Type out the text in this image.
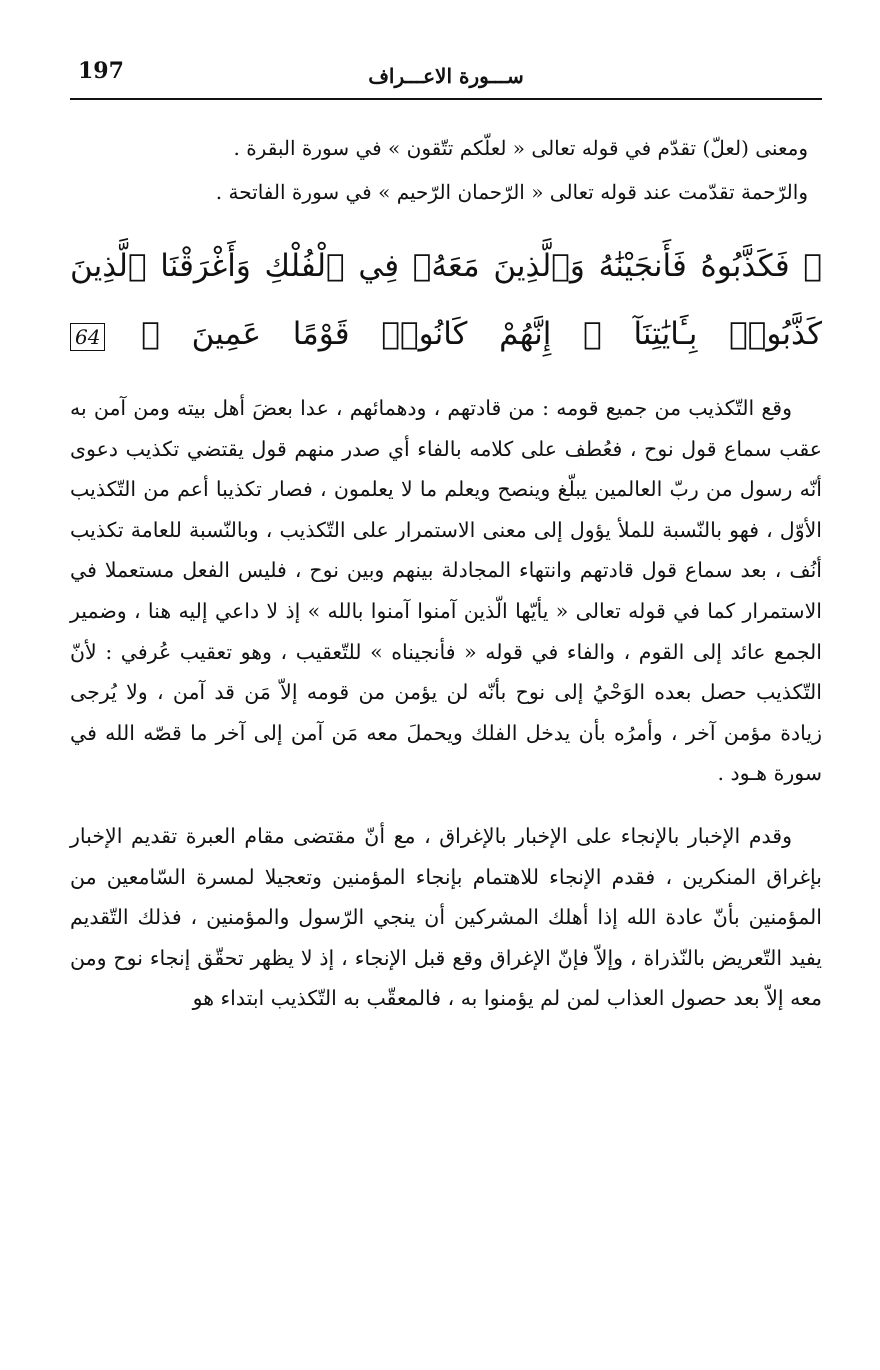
197	ســـورة الاعـــراف

ومعنى (لعلّ) تقدّم في قوله تعالى « لعلّكم تتّقون » في سورة البقرة .

والرّحمة تقدّمت عند قوله تعالى « الرّحمان الرّحيم » في سورة الفاتحة .

﴿ فَكَذَّبُوهُ فَأَنجَيْنَٰهُ وَٱلَّذِينَ مَعَهُۥ فِي ٱلْفُلْكِ وَأَغْرَقْنَا ٱلَّذِينَ كَذَّبُوا۟ بِـَٔايَٰتِنَآ ۚ إِنَّهُمْ كَانُوا۟ قَوْمًا عَمِينَ ﴾ 64

وقع التّكذيب من جميع قومه : من قادتهم ، ودهمائهم ، عدا بعضَ أهل بيته ومن آمن به عقب سماع قول نوح ، فعُطف على كلامه بالفاء أي صدر منهم قول يقتضي تكذيب دعوى أنّه رسول من ربّ العالمين يبلّغ وينصح ويعلم ما لا يعلمون ، فصار تكذيبا أعم من التّكذيب الأوّل ، فهو بالنّسبة للملأ يؤول إلى معنى الاستمرار على التّكذيب ، وبالنّسبة للعامة تكذيب أنُف ، بعد سماع قول قادتهم وانتهاء المجادلة بينهم وبين نوح ، فليس الفعل مستعملا في الاستمرار كما في قوله تعالى « يأيّها الّذين آمنوا آمنوا بالله » إذ لا داعي إليه هنا ، وضمير الجمع عائد إلى القوم ، والفاء في قوله « فأنجيناه » للتّعقيب ، وهو تعقيب عُرفي : لأنّ التّكذيب حصل بعده الوَحْيُ إلى نوح بأنّه لن يؤمن من قومه إلاّ مَن قد آمن ، ولا يُرجى زيادة مؤمن آخر ، وأمرُه بأن يدخل الفلك ويحملَ معه مَن آمن إلى آخر ما قصّه الله في سورة هـود .

وقدم الإخبار بالإنجاء على الإخبار بالإغراق ، مع أنّ مقتضى مقام العبرة تقديم الإخبار بإغراق المنكرين ، فقدم الإنجاء للاهتمام بإنجاء المؤمنين وتعجيلا لمسرة السّامعين من المؤمنين بأنّ عادة الله إذا أهلك المشركين أن ينجي الرّسول والمؤمنين ، فذلك التّقديم يفيد التّعريض بالنّذراة ، وإلاّ فإنّ الإغراق وقع قبل الإنجاء ، إذ لا يظهر تحقّق إنجاء نوح ومن معه إلاّ بعد حصول العذاب لمن لم يؤمنوا به ، فالمعقّب به التّكذيب ابتداء هو
